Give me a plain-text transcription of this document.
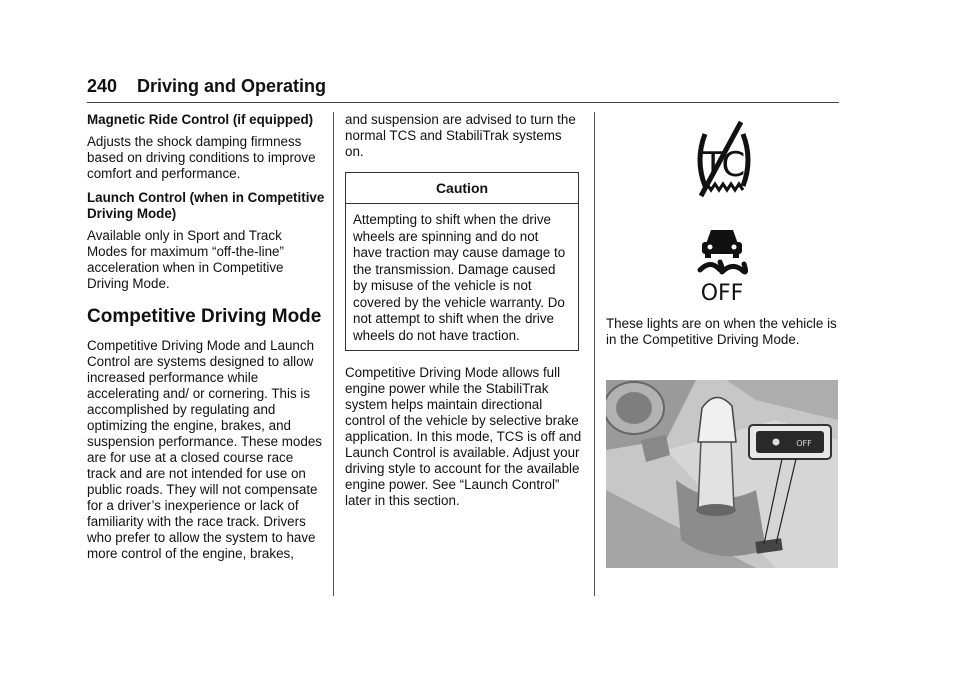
240 Driving and Operating
Magnetic Ride Control (if equipped)

Adjusts the shock damping firmness based on driving conditions to improve comfort and performance.

Launch Control (when in Competitive Driving Mode)

Available only in Sport and Track Modes for maximum “off-the-line” acceleration when in Competitive Driving Mode.

Competitive Driving Mode

Competitive Driving Mode and Launch Control are systems designed to allow increased performance while accelerating and/ or cornering. This is accomplished by regulating and optimizing the engine, brakes, and suspension performance. These modes are for use at a closed course race track and are not intended for use on public roads. They will not compensate for a driver’s inexperience or lack of familiarity with the race track. Drivers who prefer to allow the system to have more control of the engine, brakes,

and suspension are advised to turn the normal TCS and StabiliTrak systems on.

Caution
Attempting to shift when the drive wheels are spinning and do not have traction may cause damage to the transmission. Damage caused by misuse of the vehicle is not covered by the vehicle warranty. Do not attempt to shift when the drive wheels do not have traction.

Competitive Driving Mode allows full engine power while the StabiliTrak system helps maintain directional control of the vehicle by selective brake application. In this mode, TCS is off and Launch Control is available. Adjust your driving style to account for the available engine power. See “Launch Control” later in this section.

TC
OFF

These lights are on when the vehicle is in the Competitive Driving Mode.

OFF
